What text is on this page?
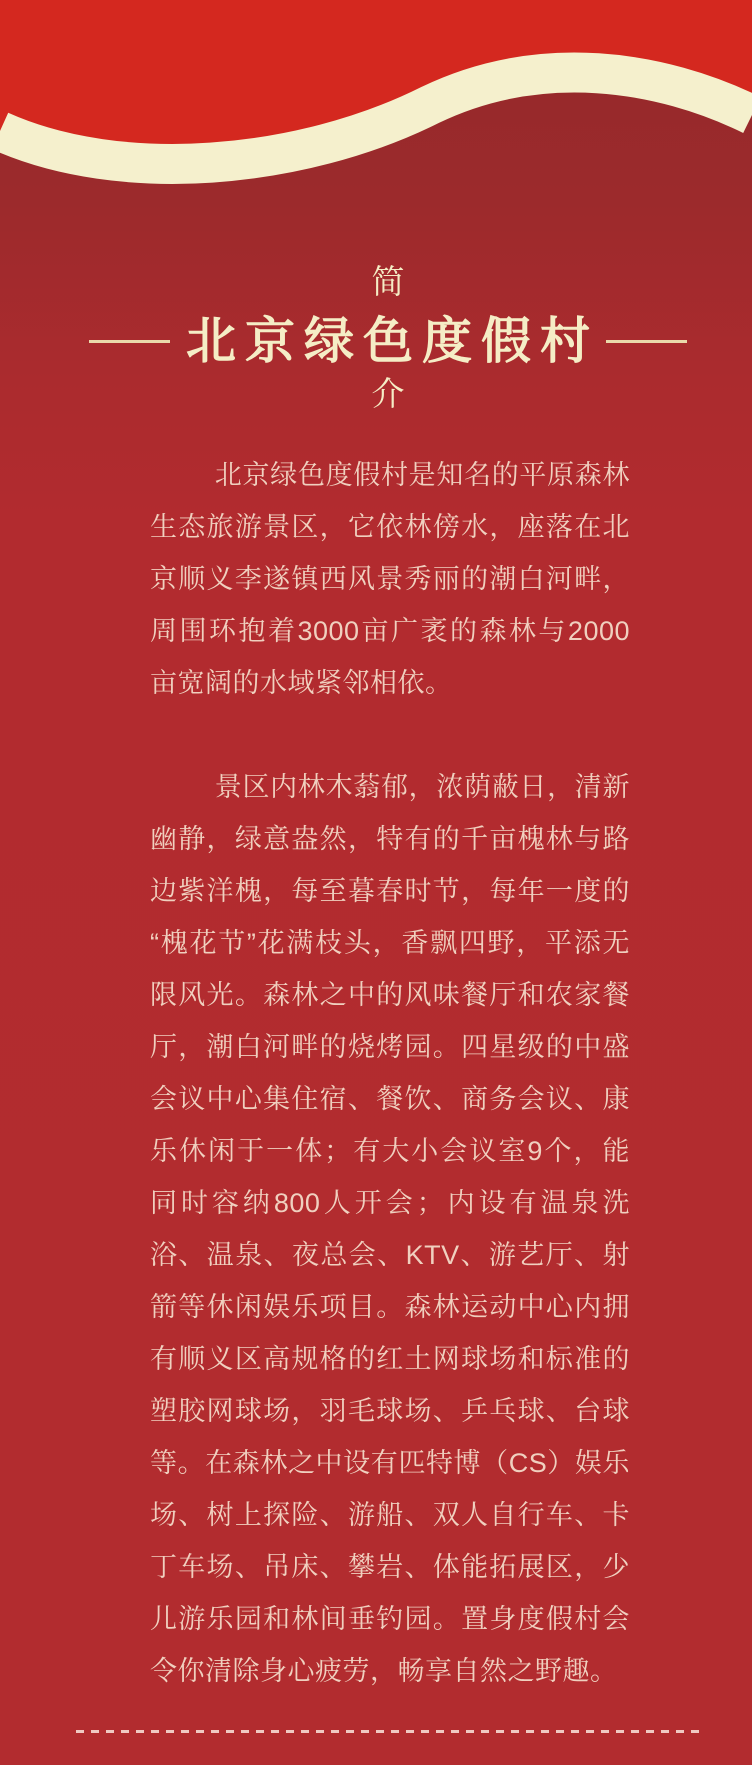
简
北京绿色度假村
介

北京绿色度假村是知名的平原森林生态旅游景区，它依林傍水，座落在北京顺义李遂镇西风景秀丽的潮白河畔，周围环抱着3000亩广袤的森林与2000亩宽阔的水域紧邻相依。

景区内林木蓊郁，浓荫蔽日，清新幽静，绿意盎然，特有的千亩槐林与路边紫洋槐，每至暮春时节，每年一度的“槐花节”花满枝头，香飘四野，平添无限风光。森林之中的风味餐厅和农家餐厅，潮白河畔的烧烤园。四星级的中盛会议中心集住宿、餐饮、商务会议、康乐休闲于一体；有大小会议室9个，能同时容纳800人开会；内设有温泉洗浴、温泉、夜总会、KTV、游艺厅、射箭等休闲娱乐项目。森林运动中心内拥有顺义区高规格的红土网球场和标准的塑胶网球场，羽毛球场、乒乓球、台球等。在森林之中设有匹特博（CS）娱乐场、树上探险、游船、双人自行车、卡丁车场、吊床、攀岩、体能拓展区，少儿游乐园和林间垂钓园。置身度假村会令你清除身心疲劳，畅享自然之野趣。
